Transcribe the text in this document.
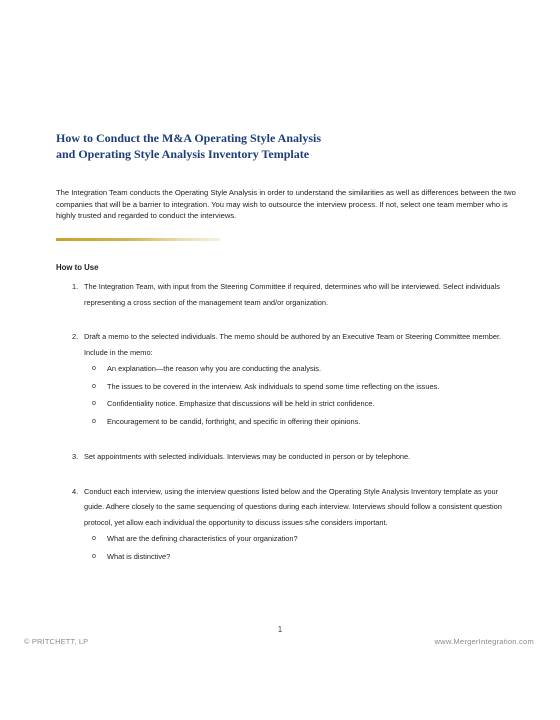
How to Conduct the M&A Operating Style Analysis
and Operating Style Analysis Inventory Template
The Integration Team conducts the Operating Style Analysis in order to understand the similarities as well as differences between the two companies that will be a barrier to integration. You may wish to outsource the interview process. If not, select one team member who is highly trusted and regarded to conduct the interviews.
How to Use
1. The Integration Team, with input from the Steering Committee if required, determines who will be interviewed. Select individuals representing a cross section of the management team and/or organization.
2. Draft a memo to the selected individuals. The memo should be authored by an Executive Team or Steering Committee member. Include in the memo:
o An explanation—the reason why you are conducting the analysis.
o The issues to be covered in the interview. Ask individuals to spend some time reflecting on the issues.
o Confidentiality notice. Emphasize that discussions will be held in strict confidence.
o Encouragement to be candid, forthright, and specific in offering their opinions.
3. Set appointments with selected individuals. Interviews may be conducted in person or by telephone.
4. Conduct each interview, using the interview questions listed below and the Operating Style Analysis Inventory template as your guide. Adhere closely to the same sequencing of questions during each interview. Interviews should follow a consistent question protocol, yet allow each individual the opportunity to discuss issues s/he considers important.
o What are the defining characteristics of your organization?
o What is distinctive?
1
© PRITCHETT, LP	www.MergerIntegration.com
